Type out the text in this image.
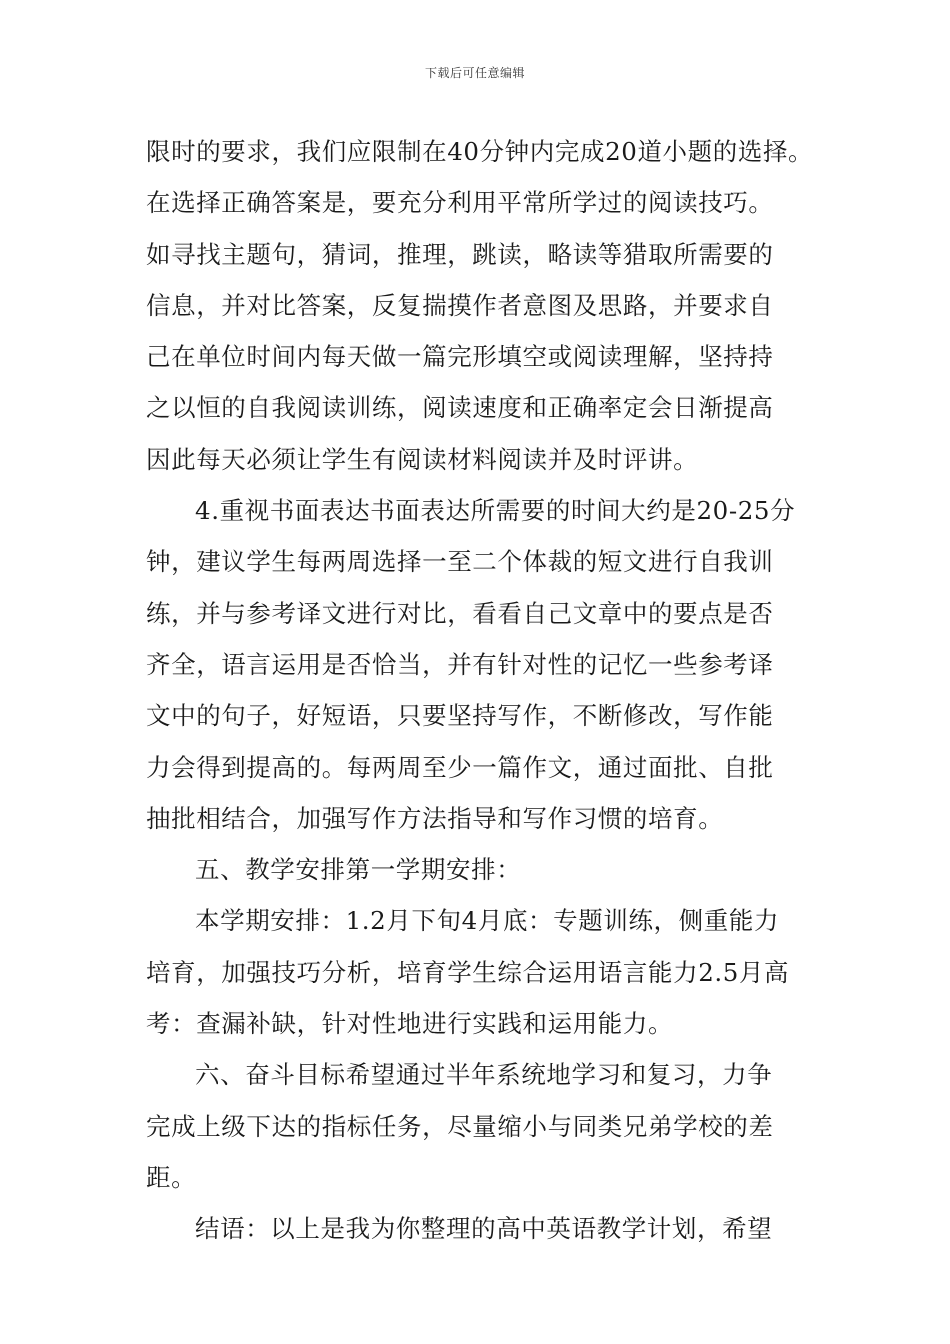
下载后可任意编辑
限时的要求，我们应限制在40分钟内完成20道小题的选择。
在选择正确答案是，要充分利用平常所学过的阅读技巧。
如寻找主题句，猜词，推理，跳读，略读等猎取所需要的
信息，并对比答案，反复揣摸作者意图及思路，并要求自
己在单位时间内每天做一篇完形填空或阅读理解，坚持持
之以恒的自我阅读训练，阅读速度和正确率定会日渐提高
因此每天必须让学生有阅读材料阅读并及时评讲。
4.重视书面表达书面表达所需要的时间大约是20-25分
钟，建议学生每两周选择一至二个体裁的短文进行自我训
练，并与参考译文进行对比，看看自己文章中的要点是否
齐全，语言运用是否恰当，并有针对性的记忆一些参考译
文中的句子，好短语，只要坚持写作，不断修改，写作能
力会得到提高的。每两周至少一篇作文，通过面批、自批
抽批相结合，加强写作方法指导和写作习惯的培育。
五、教学安排第一学期安排：
本学期安排：1.2月下旬4月底：专题训练，侧重能力
培育，加强技巧分析，培育学生综合运用语言能力2.5月高
考：查漏补缺，针对性地进行实践和运用能力。
六、奋斗目标希望通过半年系统地学习和复习，力争
完成上级下达的指标任务，尽量缩小与同类兄弟学校的差
距。
结语：以上是我为你整理的高中英语教学计划，希望
